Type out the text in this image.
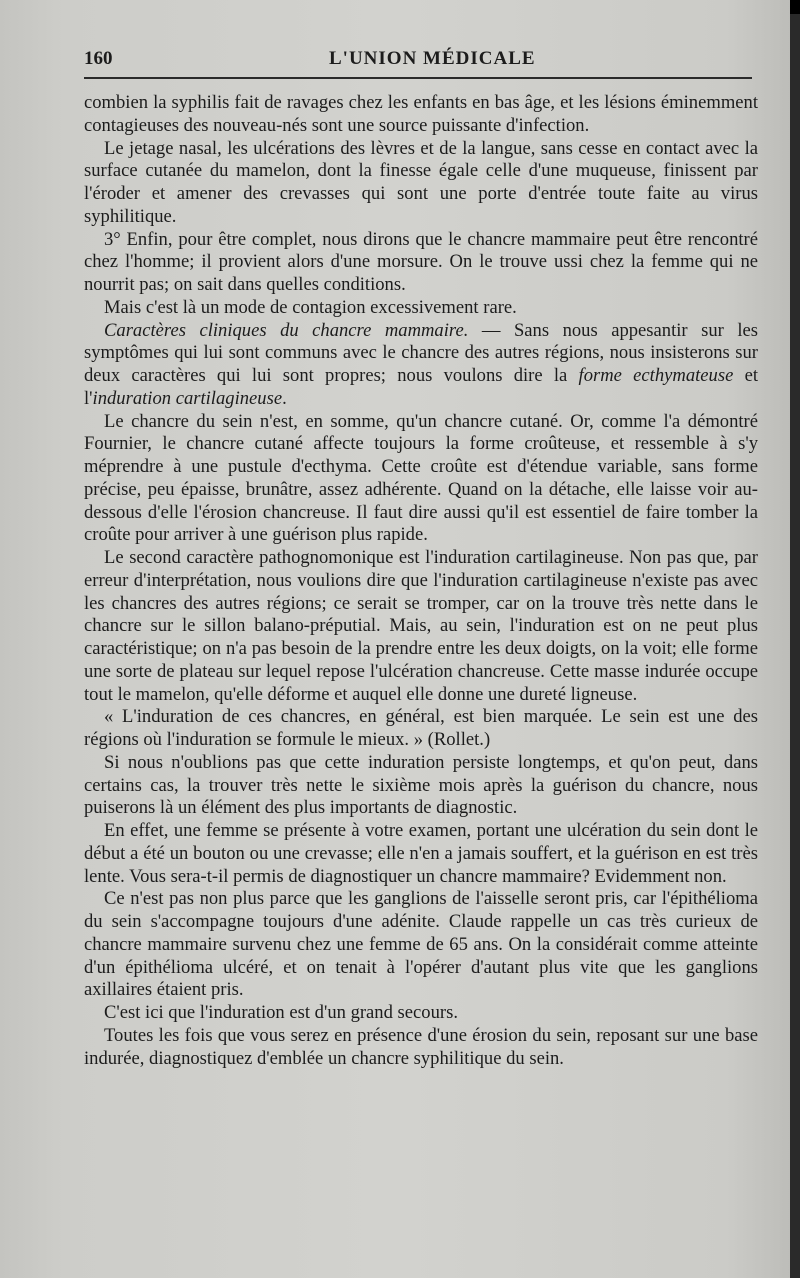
160	L'UNION MÉDICALE

combien la syphilis fait de ravages chez les enfants en bas âge, et les lésions éminemment contagieuses des nouveau-nés sont une source puissante d'infection.

Le jetage nasal, les ulcérations des lèvres et de la langue, sans cesse en contact avec la surface cutanée du mamelon, dont la finesse égale celle d'une muqueuse, finissent par l'éroder et amener des crevasses qui sont une porte d'entrée toute faite au virus syphilitique.

3° Enfin, pour être complet, nous dirons que le chancre mammaire peut être rencontré chez l'homme; il provient alors d'une morsure. On le trouve ussi chez la femme qui ne nourrit pas; on sait dans quelles conditions.

Mais c'est là un mode de contagion excessivement rare.

Caractères cliniques du chancre mammaire. — Sans nous appesantir sur les symptômes qui lui sont communs avec le chancre des autres régions, nous insisterons sur deux caractères qui lui sont propres; nous voulons dire la forme ecthymateuse et l'induration cartilagineuse.

Le chancre du sein n'est, en somme, qu'un chancre cutané. Or, comme l'a démontré Fournier, le chancre cutané affecte toujours la forme croûteuse, et ressemble à s'y méprendre à une pustule d'ecthyma. Cette croûte est d'étendue variable, sans forme précise, peu épaisse, brunâtre, assez adhérente. Quand on la détache, elle laisse voir au-dessous d'elle l'érosion chancreuse. Il faut dire aussi qu'il est essentiel de faire tomber la croûte pour arriver à une guérison plus rapide.

Le second caractère pathognomonique est l'induration cartilagineuse. Non pas que, par erreur d'interprétation, nous voulions dire que l'induration cartilagineuse n'existe pas avec les chancres des autres régions; ce serait se tromper, car on la trouve très nette dans le chancre sur le sillon balano-préputial. Mais, au sein, l'induration est on ne peut plus caractéristique; on n'a pas besoin de la prendre entre les deux doigts, on la voit; elle forme une sorte de plateau sur lequel repose l'ulcération chancreuse. Cette masse indurée occupe tout le mamelon, qu'elle déforme et auquel elle donne une dureté ligneuse.

« L'induration de ces chancres, en général, est bien marquée. Le sein est une des régions où l'induration se formule le mieux. » (Rollet.)

Si nous n'oublions pas que cette induration persiste longtemps, et qu'on peut, dans certains cas, la trouver très nette le sixième mois après la guérison du chancre, nous puiserons là un élément des plus importants de diagnostic.

En effet, une femme se présente à votre examen, portant une ulcération du sein dont le début a été un bouton ou une crevasse; elle n'en a jamais souffert, et la guérison en est très lente. Vous sera-t-il permis de diagnostiquer un chancre mammaire? Evidemment non.

Ce n'est pas non plus parce que les ganglions de l'aisselle seront pris, car l'épithélioma du sein s'accompagne toujours d'une adénite. Claude rappelle un cas très curieux de chancre mammaire survenu chez une femme de 65 ans. On la considérait comme atteinte d'un épithélioma ulcéré, et on tenait à l'opérer d'autant plus vite que les ganglions axillaires étaient pris.

C'est ici que l'induration est d'un grand secours.

Toutes les fois que vous serez en présence d'une érosion du sein, reposant sur une base indurée, diagnostiquez d'emblée un chancre syphilitique du sein.
